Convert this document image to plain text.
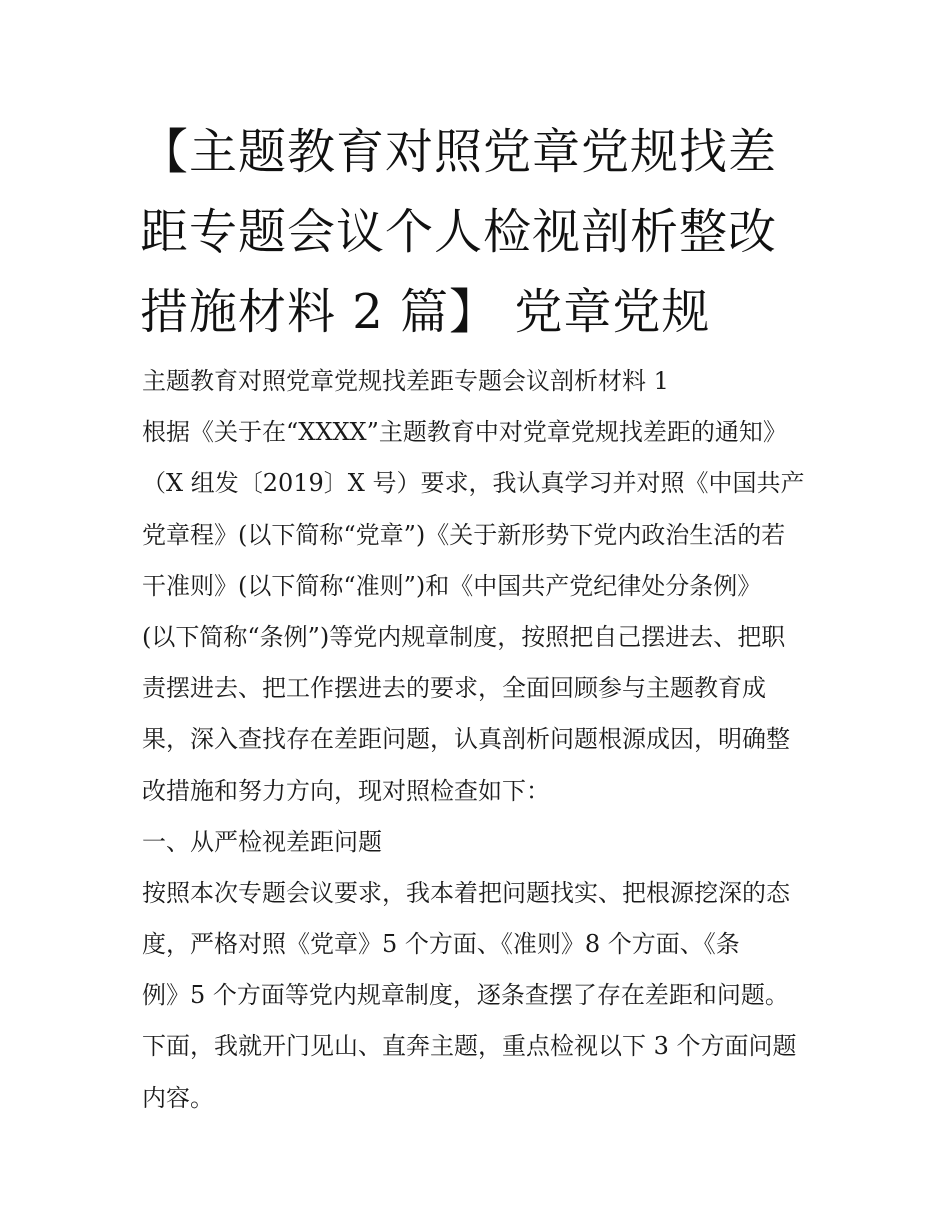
【主题教育对照党章党规找差
距专题会议个人检视剖析整改
措施材料 2 篇】 党章党规

主题教育对照党章党规找差距专题会议剖析材料 1

根据《关于在“XXXX”主题教育中对党章党规找差距的通知》

（X 组发〔2019〕X 号）要求，我认真学习并对照《中国共产

党章程》(以下简称“党章”)《关于新形势下党内政治生活的若

干准则》(以下简称“准则”)和《中国共产党纪律处分条例》

(以下简称“条例”)等党内规章制度，按照把自己摆进去、把职

责摆进去、把工作摆进去的要求，全面回顾参与主题教育成

果，深入查找存在差距问题，认真剖析问题根源成因，明确整

改措施和努力方向，现对照检查如下：

一、从严检视差距问题

按照本次专题会议要求，我本着把问题找实、把根源挖深的态

度，严格对照《党章》5 个方面、《准则》8 个方面、《条

例》5 个方面等党内规章制度，逐条查摆了存在差距和问题。

下面，我就开门见山、直奔主题，重点检视以下 3 个方面问题

内容。
